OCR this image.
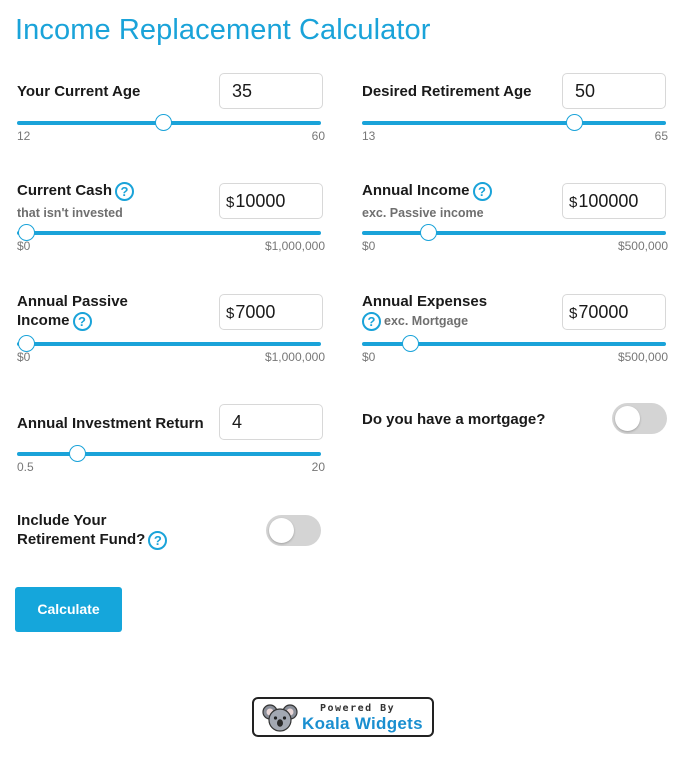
Income Replacement Calculator
Your Current Age	35
12	60
Desired Retirement Age	50
13	65
Current Cash ?
that isn't invested
$10000
$0	$1,000,000
Annual Income ?
exc. Passive income
$100000
$0	$500,000
Annual Passive
Income ?	$7000
$0	$1,000,000
Annual Expenses
? exc. Mortgage	$70000
$0	$500,000
Annual Investment Return	4
0.5	20
Do you have a mortgage?
Include Your
Retirement Fund? ?
Calculate
Powered By
Koala Widgets
